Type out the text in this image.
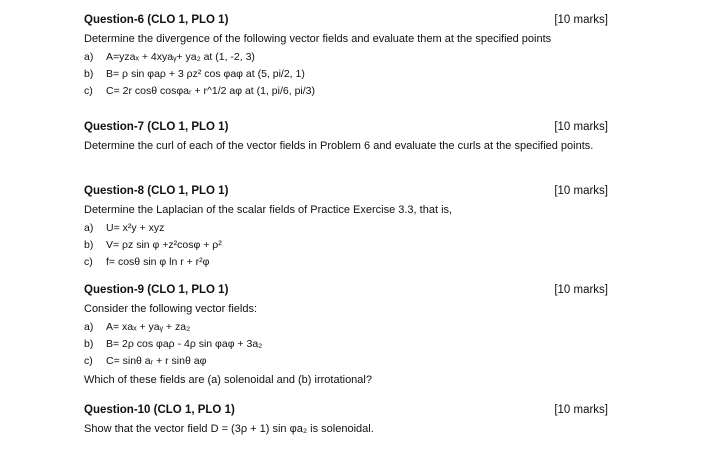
Question-6 (CLO 1, PLO 1)	[10 marks]
Determine the divergence of the following vector fields and evaluate them at the specified points
a)	A=yzaₓ + 4xyaᵧ+ ya₂ at (1, -2, 3)
b)	B= ρ sin φaρ + 3 ρz² cos φaφ at (5, pi/2, 1)
c)	C= 2r cosθ cosφaᵣ + r^1/2 aφ at (1, pi/6, pi/3)
Question-7 (CLO 1, PLO 1)	[10 marks]
Determine the curl of each of the vector fields in Problem 6 and evaluate the curls at the specified points.
Question-8 (CLO 1, PLO 1)	[10 marks]
Determine the Laplacian of the scalar fields of Practice Exercise 3.3, that is,
a)	U= x²y + xyz
b)	V= ρz sin φ +z²cosφ + ρ²
c)	f= cosθ sin φ ln r + r²φ
Question-9 (CLO 1, PLO 1)	[10 marks]
Consider the following vector fields:
a)	A= xaₓ + yaᵧ + za₂
b)	B= 2ρ cos φaρ - 4ρ sin φaφ + 3a₂
c)	C= sinθ aᵣ + r sinθ aφ
Which of these fields are (a) solenoidal and (b) irrotational?
Question-10 (CLO 1, PLO 1)	[10 marks]
Show that the vector field D = (3ρ + 1) sin φa₂ is solenoidal.
